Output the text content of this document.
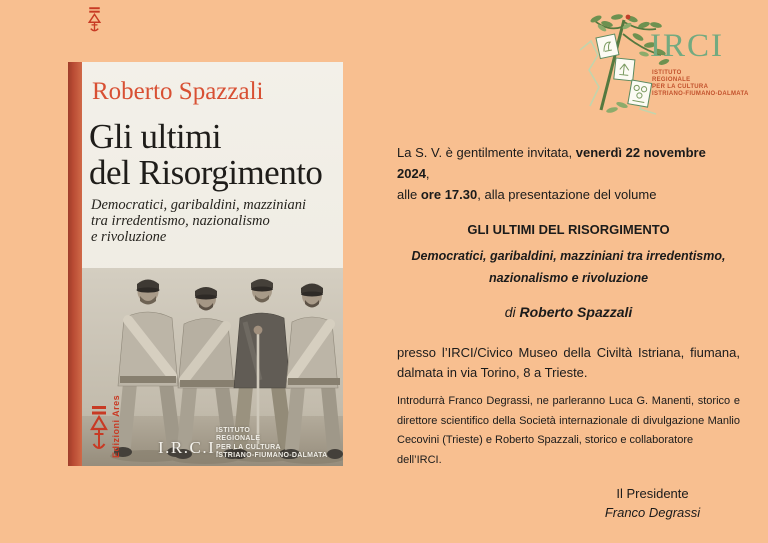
Roberto Spazzali
Gli ultimi
del Risorgimento
Democratici, garibaldini, mazziniani
tra irredentismo, nazionalismo
e rivoluzione
Edizioni Ares I.R.C.I.
ISTITUTO
REGIONALE
PER LA CULTURA
ISTRIANO-FIUMANO-DALMATA
IRCI
ISTITUTO
REGIONALE
PER LA CULTURA
ISTRIANO-FIUMANO-DALMATA
La S. V. è gentilmente invitata, venerdì 22 novembre 2024,
alle ore 17.30, alla presentazione del volume
GLI ULTIMI DEL RISORGIMENTO
Democratici, garibaldini, mazziniani tra irredentismo,
nazionalismo e rivoluzione
di Roberto Spazzali
presso l’IRCI/Civico Museo della Civiltà Istriana, fiumana,
dalmata in via Torino, 8 a Trieste.
Introdurrà Franco Degrassi, ne parleranno Luca G. Manenti, storico e
direttore scientifico della Società internazionale di divulgazione Manlio
Cecovini (Trieste) e Roberto Spazzali, storico e collaboratore dell’IRCI.
Il Presidente
Franco Degrassi
